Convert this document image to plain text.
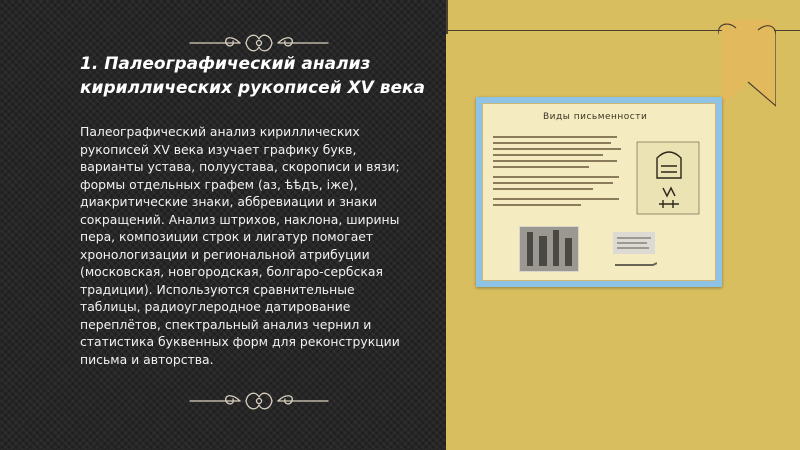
1. Палеографический анализ кириллических рукописей XV века

Палеографический анализ кириллических рукописей XV века изучает графику букв, варианты устава, полуустава, скорописи и вязи; формы отдельных графем (аз, ѣѣдъ, іже), диакритические знаки, аббревиации и знаки сокращений. Анализ штрихов, наклона, ширины пера, композиции строк и лигатур помогает хронологизации и региональной атрибуции (московская, новгородская, болгаро-сербская традиции). Используются сравнительные таблицы, радиоуглеродное датирование переплётов, спектральный анализ чернил и статистика буквенных форм для реконструкции письма и авторства.

Виды письменности
